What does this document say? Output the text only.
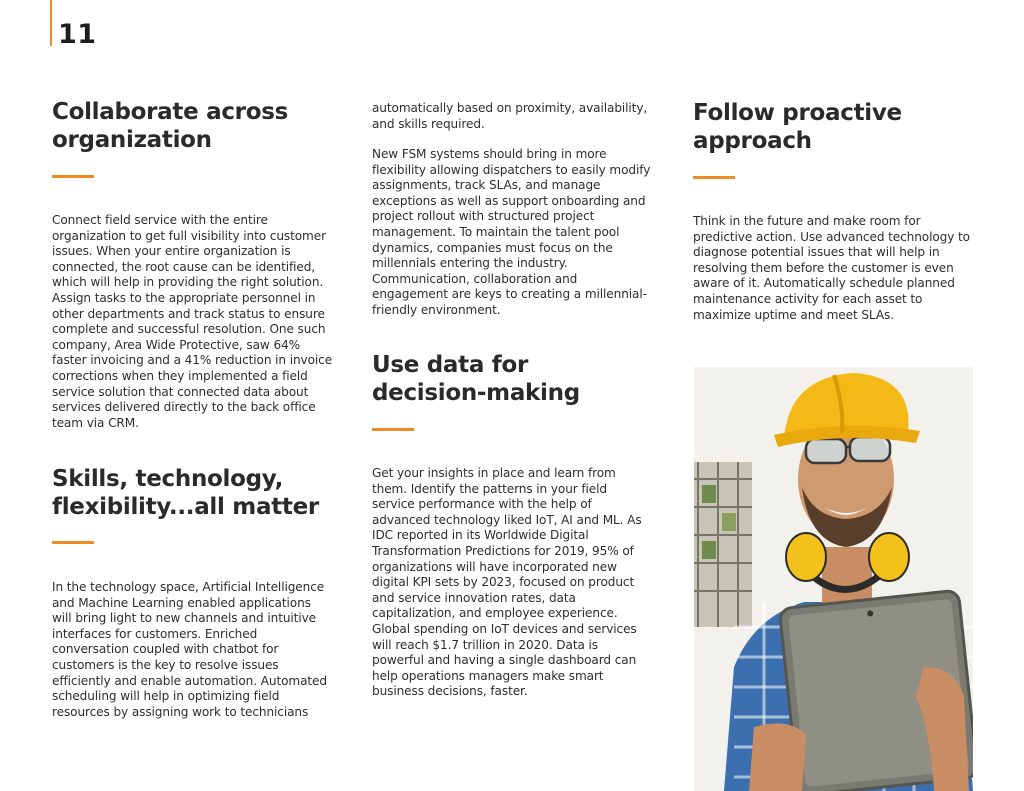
11
Collaborate across organization

Connect field service with the entire organization to get full visibility into customer issues. When your entire organization is connected, the root cause can be identified, which will help in providing the right solution. Assign tasks to the appropriate personnel in other departments and track status to ensure complete and successful resolution. One such company, Area Wide Protective, saw 64% faster invoicing and a 41% reduction in invoice corrections when they implemented a field service solution that connected data about services delivered directly to the back office team via CRM.

Skills, technology, flexibility...all matter

In the technology space, Artificial Intelligence and Machine Learning enabled applications will bring light to new channels and intuitive interfaces for customers. Enriched conversation coupled with chatbot for customers is the key to resolve issues efficiently and enable automation. Automated scheduling will help in optimizing field resources by assigning work to technicians

automatically based on proximity, availability, and skills required.

New FSM systems should bring in more flexibility allowing dispatchers to easily modify assignments, track SLAs, and manage exceptions as well as support onboarding and project rollout with structured project management. To maintain the talent pool dynamics, companies must focus on the millennials entering the industry. Communication, collaboration and engagement are keys to creating a millennial-friendly environment.

Use data for decision-making

Get your insights in place and learn from them. Identify the patterns in your field service performance with the help of advanced technology liked IoT, AI and ML. As IDC reported in its Worldwide Digital Transformation Predictions for 2019, 95% of organizations will have incorporated new digital KPI sets by 2023, focused on product and service innovation rates, data capitalization, and employee experience. Global spending on IoT devices and services will reach $1.7 trillion in 2020. Data is powerful and having a single dashboard can help operations managers make smart business decisions, faster.

Follow proactive approach

Think in the future and make room for predictive action. Use advanced technology to diagnose potential issues that will help in resolving them before the customer is even aware of it. Automatically schedule planned maintenance activity for each asset to maximize uptime and meet SLAs.
